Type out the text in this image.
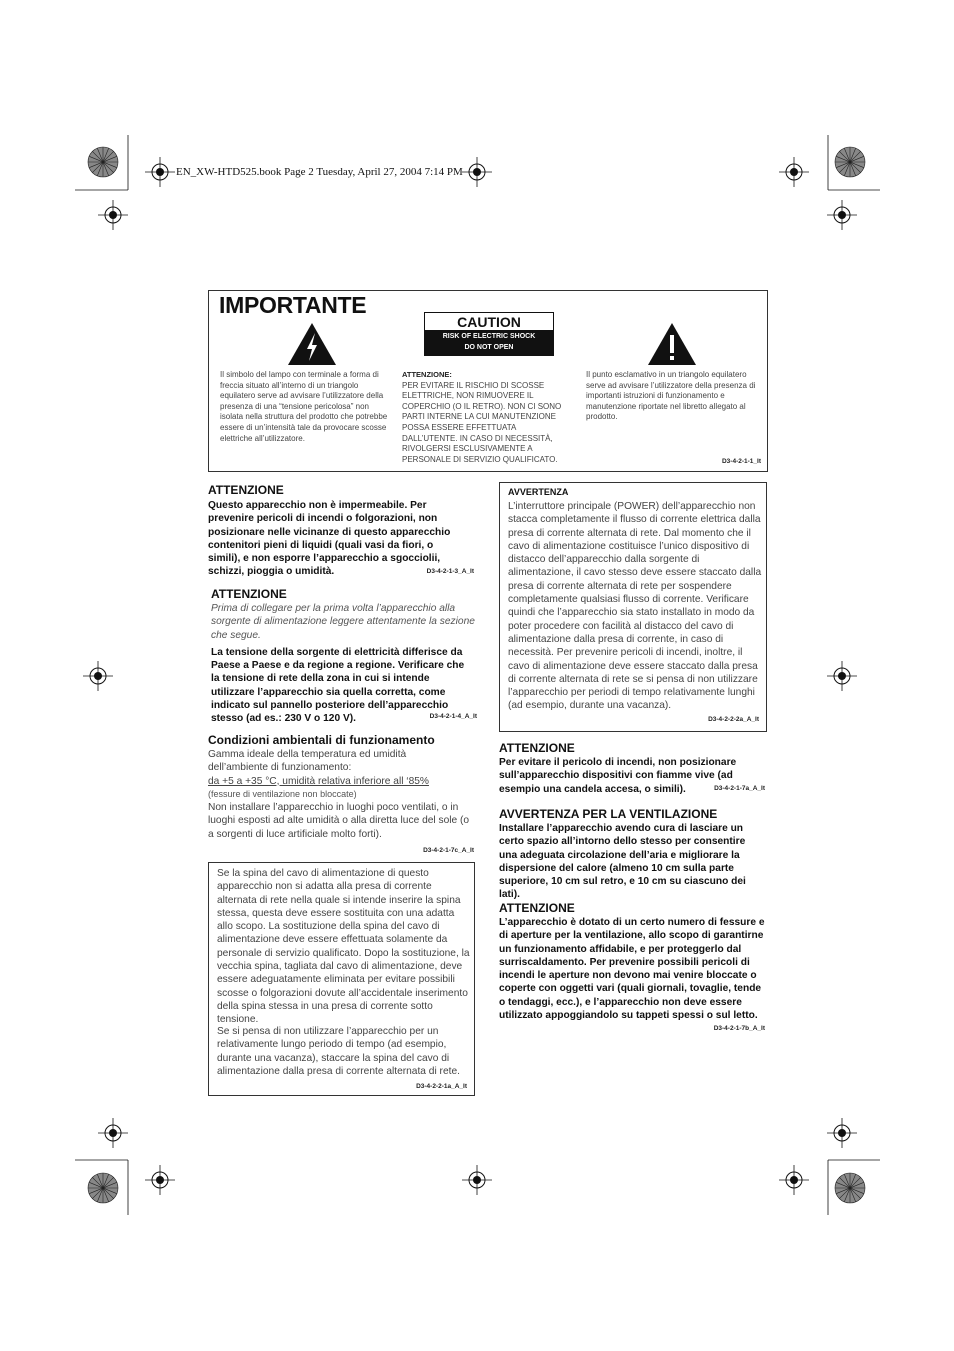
EN_XW-HTD525.book Page 2 Tuesday, April 27, 2004 7:14 PM
IMPORTANTE
Il simbolo del lampo con terminale a forma di freccia situato all’interno di un triangolo equilatero serve ad avvisare l’utilizzatore della presenza di una “tensione pericolosa” non isolata nella struttura del prodotto che potrebbe essere di un’intensità tale da provocare scosse elettriche all’utilizzatore.
ATTENZIONE:
PER EVITARE IL RISCHIO DI SCOSSE ELETTRICHE, NON RIMUOVERE IL COPERCHIO (O IL RETRO). NON CI SONO PARTI INTERNE LA CUI MANUTENZIONE POSSA ESSERE EFFETTUATA DALL’UTENTE. IN CASO DI NECESSITÀ, RIVOLGERSI ESCLUSIVAMENTE A PERSONALE DI SERVIZIO QUALIFICATO.
Il punto esclamativo in un triangolo equilatero serve ad avvisare l’utilizzatore della presenza di importanti istruzioni di funzionamento e manutenzione riportate nel libretto allegato al prodotto.
D3-4-2-1-1_It
CAUTION
RISK OF ELECTRIC SHOCK
DO NOT OPEN

ATTENZIONE

Questo apparecchio non è impermeabile. Per prevenire pericoli di incendi o folgorazioni, non posizionare nelle vicinanze di questo apparecchio contenitori pieni di liquidi (quali vasi da fiori, o simili), e non esporre l’apparecchio a sgocciolii, schizzi, pioggia o umidità.	D3-4-2-1-3_A_It

ATTENZIONE

Prima di collegare per la prima volta l’apparecchio alla sorgente di alimentazione leggere attentamente la sezione che segue.

La tensione della sorgente di elettricità differisce da Paese a Paese e da regione a regione. Verificare che la tensione di rete della zona in cui si intende utilizzare l’apparecchio sia quella corretta, come indicato sul pannello posteriore dell’apparecchio stesso (ad es.: 230 V o 120 V).	D3-4-2-1-4_A_It

Condizioni ambientali di funzionamento

Gamma ideale della temperatura ed umidità dell’ambiente di funzionamento:

da +5 a +35 °C, umidità relativa inferiore all ‘85%

(fessure di ventilazione non bloccate)

Non installare l’apparecchio in luoghi poco ventilati, o in luoghi esposti ad alte umidità o alla diretta luce del sole (o a sorgenti di luce artificiale molto forti).

D3-4-2-1-7c_A_It

Se la spina del cavo di alimentazione di questo apparecchio non si adatta alla presa di corrente alternata di rete nella quale si intende inserire la spina stessa, questa deve essere sostituita con una adatta allo scopo. La sostituzione della spina del cavo di alimentazione deve essere effettuata solamente da personale di servizio qualificato. Dopo la sostituzione, la vecchia spina, tagliata dal cavo di alimentazione, deve essere adeguatamente eliminata per evitare possibili scosse o folgorazioni dovute all’accidentale inserimento della spina stessa in una presa di corrente sotto tensione.

Se si pensa di non utilizzare l’apparecchio per un relativamente lungo periodo di tempo (ad esempio, durante una vacanza), staccare la spina del cavo di alimentazione dalla presa di corrente alternata di rete.

D3-4-2-2-1a_A_It
AVVERTENZA

L’interruttore principale (POWER) dell’apparecchio non stacca completamente il flusso di corrente elettrica dalla presa di corrente alternata di rete. Dal momento che il cavo di alimentazione costituisce l’unico dispositivo di distacco dell’apparecchio dalla sorgente di alimentazione, il cavo stesso deve essere staccato dalla presa di corrente alternata di rete per sospendere completamente qualsiasi flusso di corrente. Verificare quindi che l’apparecchio sia stato installato in modo da poter procedere con facilità al distacco del cavo di alimentazione dalla presa di corrente, in caso di necessità. Per prevenire pericoli di incendi, inoltre, il cavo di alimentazione deve essere staccato dalla presa di corrente alternata di rete se si pensa di non utilizzare l’apparecchio per periodi di tempo relativamente lunghi (ad esempio, durante una vacanza).

D3-4-2-2-2a_A_It

ATTENZIONE

Per evitare il pericolo di incendi, non posizionare sull’apparecchio dispositivi con fiamme vive (ad esempio una candela accesa, o simili).	D3-4-2-1-7a_A_It

AVVERTENZA PER LA VENTILAZIONE

Installare l’apparecchio avendo cura di lasciare un certo spazio all’intorno dello stesso per consentire una adeguata circolazione dell’aria e migliorare la dispersione del calore (almeno 10 cm sulla parte superiore, 10 cm sul retro, e 10 cm su ciascuno dei lati).

ATTENZIONE

L’apparecchio è dotato di un certo numero di fessure e di aperture per la ventilazione, allo scopo di garantirne un funzionamento affidabile, e per proteggerlo dal surriscaldamento. Per prevenire possibili pericoli di incendi le aperture non devono mai venire bloccate o coperte con oggetti vari (quali giornali, tovaglie, tende o tendaggi, ecc.), e l’apparecchio non deve essere utilizzato appoggiandolo su tappeti spessi o sul letto.

D3-4-2-1-7b_A_It
